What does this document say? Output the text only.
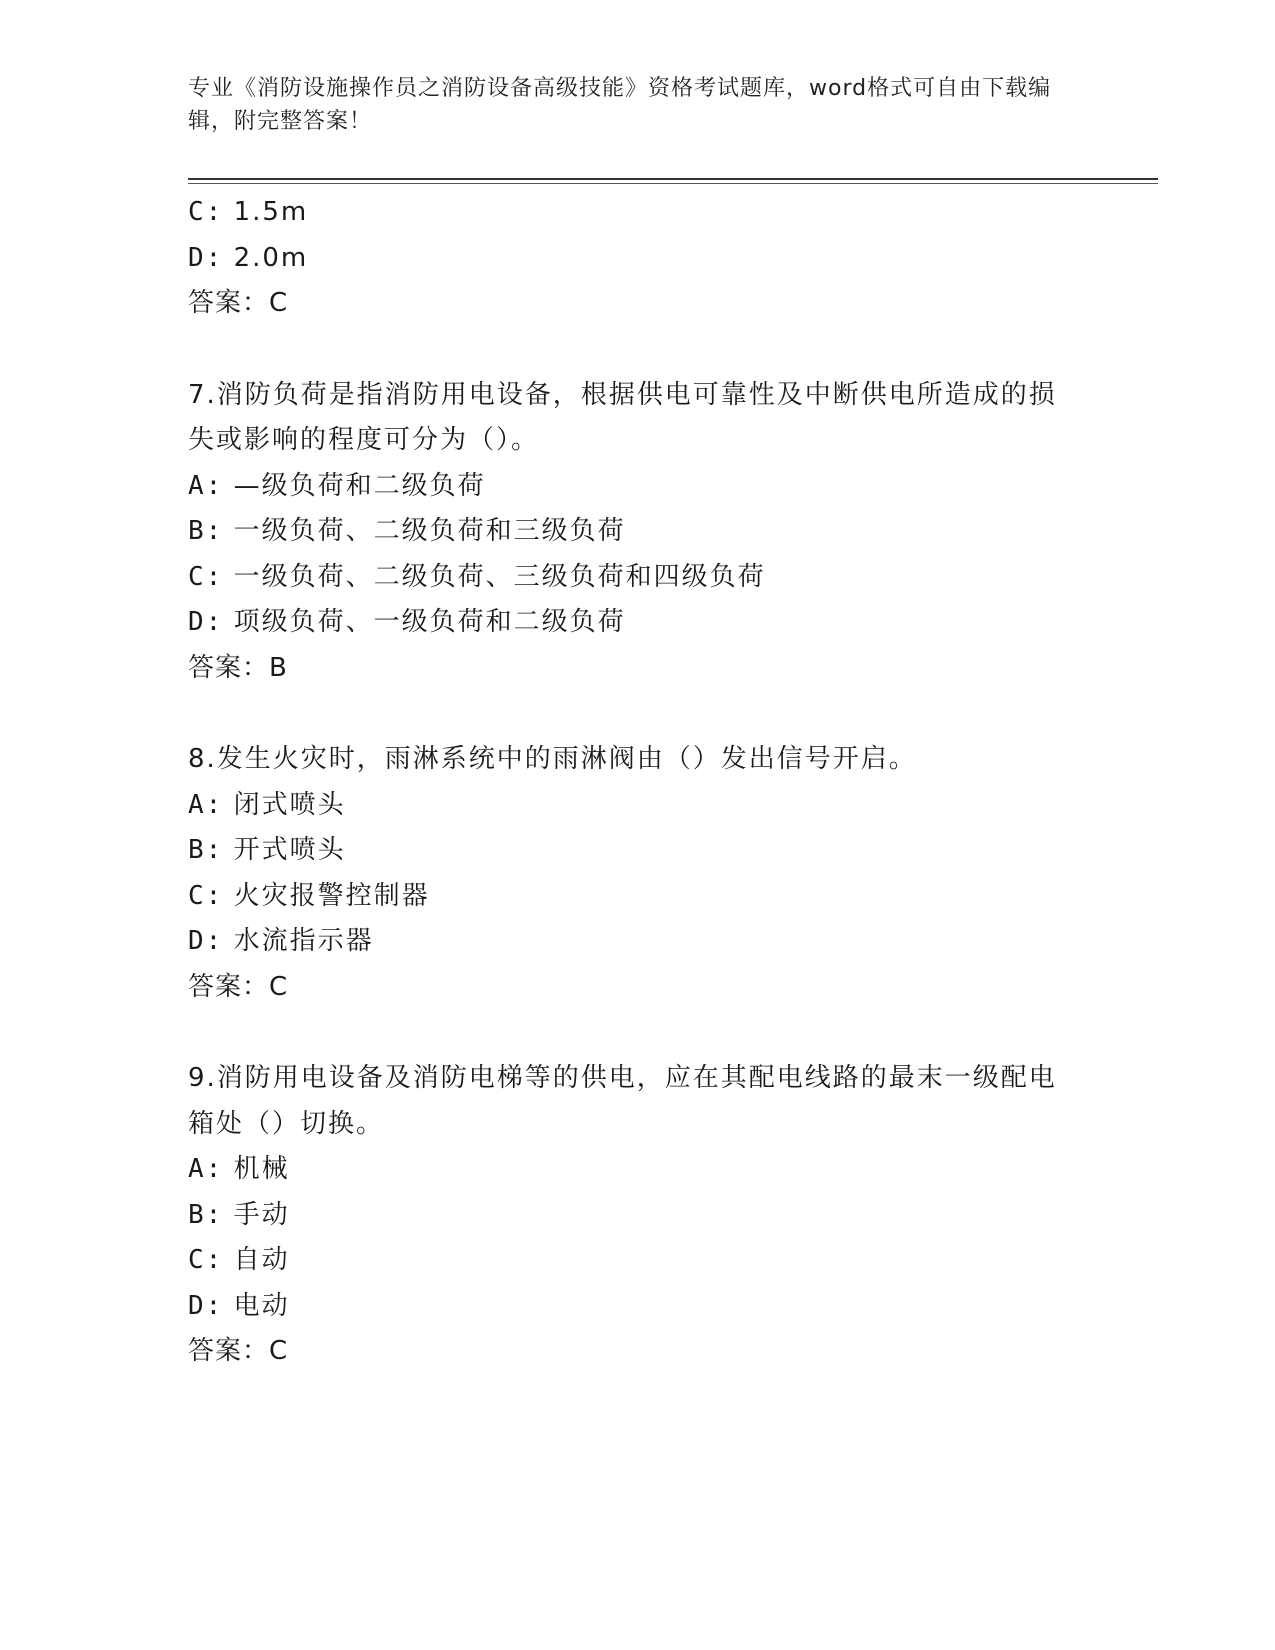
专业《消防设施操作员之消防设备高级技能》资格考试题库，word格式可自由下载编辑，附完整答案！
C: 1.5m
D: 2.0m
答案：C
7.消防负荷是指消防用电设备，根据供电可靠性及中断供电所造成的损失或影响的程度可分为（）。
A: —级负荷和二级负荷
B: 一级负荷、二级负荷和三级负荷
C: 一级负荷、二级负荷、三级负荷和四级负荷
D: 项级负荷、一级负荷和二级负荷
答案：B
8.发生火灾时，雨淋系统中的雨淋阀由（）发出信号开启。
A: 闭式喷头
B: 开式喷头
C: 火灾报警控制器
D: 水流指示器
答案：C
9.消防用电设备及消防电梯等的供电，应在其配电线路的最末一级配电箱处（）切换。
A: 机械
B: 手动
C: 自动
D: 电动
答案：C
